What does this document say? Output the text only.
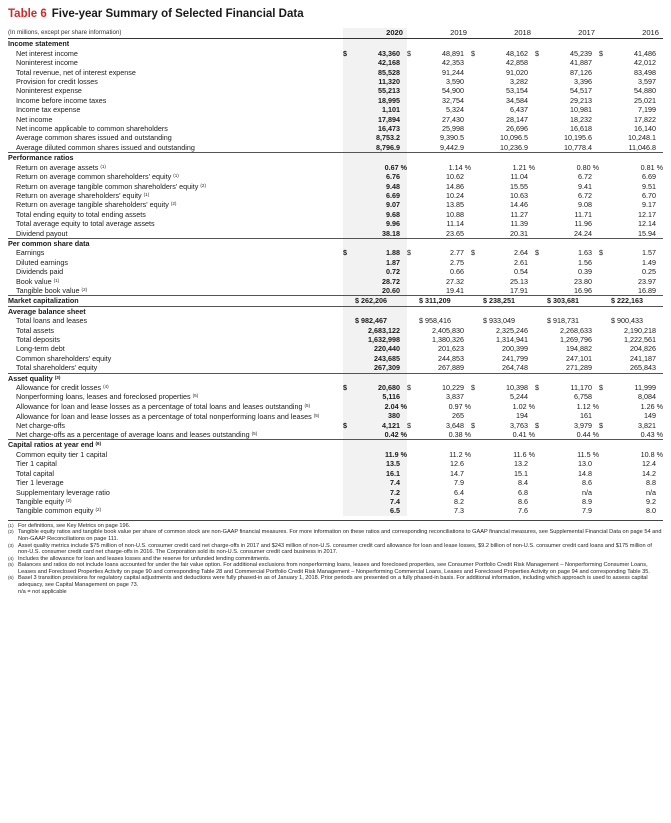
Table 6 Five-year Summary of Selected Financial Data
(In millions, except per share information)	2020		2019		2018		2017		2016	
Income statement										
Net interest income	$	43,360	$	48,891	$	48,162	$	45,239	$	41,486
Noninterest income		42,168		42,353		42,858		41,887		42,012
Total revenue, net of interest expense		85,528		91,244		91,020		87,126		83,498
Provision for credit losses		11,320		3,590		3,282		3,396		3,597
Noninterest expense		55,213		54,900		53,154		54,517		54,880
Income before income taxes		18,995		32,754		34,584		29,213		25,021
Income tax expense		1,101		5,324		6,437		10,981		7,199
Net income		17,894		27,430		28,147		18,232		17,822
Net income applicable to common shareholders		16,473		25,998		26,696		16,618		16,140
Average common shares issued and outstanding		8,753.2		9,390.5		10,096.5		10,195.6		10,248.1
Average diluted common shares issued and outstanding		8,796.9		9,442.9		10,236.9		10,778.4		11,046.8
Performance ratios										
Return on average assets $^{(1)}$		0.67 %		1.14 %		1.21 %		0.80 %		0.81 %
Return on average common shareholders' equity $^{(1)}$		6.76		10.62		11.04		6.72		6.69
Return on average tangible common shareholders' equity $^{(2)}$		9.48		14.86		15.55		9.41		9.51
Return on average shareholders' equity $^{(1)}$		6.69		10.24		10.63		6.72		6.70
Return on average tangible shareholders' equity $^{(2)}$		9.07		13.85		14.46		9.08		9.17
Total ending equity to total ending assets		9.68		10.88		11.27		11.71		12.17
Total average equity to total average assets		9.96		11.14		11.39		11.96		12.14
Dividend payout		38.18		23.65		20.31		24.24		15.94
Per common share data										
Earnings	$	1.88	$	2.77	$	2.64	$	1.63	$	1.57
Diluted earnings		1.87		2.75		2.61		1.56		1.49
Dividends paid		0.72		0.66		0.54		0.39		0.25
Book value $^{(1)}$		28.72		27.32		25.13		23.80		23.97
Tangible book value $^{(2)}$		20.60		19.41		17.91		16.96		16.89
Market capitalization		$ 262,206		$ 311,209		$ 238,251		$ 303,681		$ 222,163
Average balance sheet										
Total loans and leases		$ 982,467		$ 958,416		$ 933,049		$ 918,731		$ 900,433
Total assets		2,683,122		2,405,830		2,325,246		2,268,633		2,190,218
Total deposits		1,632,998		1,380,326		1,314,941		1,269,796		1,222,561
Long-term debt		220,440		201,623		200,399		194,882		204,826
Common shareholders' equity		243,685		244,853		241,799		247,101		241,187
Total shareholders' equity		267,309		267,889		264,748		271,289		265,843
Asset quality $^{(3)}$										
Allowance for credit losses $^{(4)}$	$	20,680	$	10,229	$	10,398	$	11,170	$	11,999
Nonperforming loans, leases and foreclosed properties $^{(5)}$		5,116		3,837		5,244		6,758		8,084
Allowance for loan and lease losses as a percentage of total loans and leases outstanding $^{(5)}$		2.04 %		0.97 %		1.02 %		1.12 %		1.26 %
Allowance for loan and lease losses as a percentage of total nonperforming loans and leases $^{(5)}$		380		265		194		161		149
Net charge-offs	$	4,121	$	3,648	$	3,763	$	3,979	$	3,821
Net charge-offs as a percentage of average loans and leases outstanding $^{(5)}$		0.42 %		0.38 %		0.41 %		0.44 %		0.43 %
Capital ratios at year end $^{(6)}$										
Common equity tier 1 capital		11.9 %		11.2 %		11.6 %		11.5 %		10.8 %
Tier 1 capital		13.5		12.6		13.2		13.0		12.4
Total capital		16.1		14.7		15.1		14.8		14.2
Tier 1 leverage		7.4		7.9		8.4		8.6		8.8
Supplementary leverage ratio		7.2		6.4		6.8		n/a		n/a
Tangible equity $^{(2)}$		7.4		8.2		8.6		8.9		9.2
Tangible common equity $^{(2)}$		6.5		7.3		7.6		7.9		8.0
(1) For definitions, see Key Metrics on page 196.
(2) Tangible equity ratios and tangible book value per share of common stock are non-GAAP financial measures. For more information on these ratios and corresponding reconciliations to GAAP financial measures, see Supplemental Financial Data on page 54 and Non-GAAP Reconciliations on page 111.
(3) Asset quality metrics include $75 million of non-U.S. consumer credit card net charge-offs in 2017 and $243 million of non-U.S. consumer credit card allowance for loan and lease losses, $9.2 billion of non-U.S. consumer credit card loans and $175 million of non-U.S. consumer credit card net charge-offs in 2016. The Corporation sold its non-U.S. consumer credit card business in 2017.
(4) Includes the allowance for loan and leases losses and the reserve for unfunded lending commitments.
(5) Balances and ratios do not include loans accounted for under the fair value option. For additional exclusions from nonperforming loans, leases and foreclosed properties, see Consumer Portfolio Credit Risk Management – Nonperforming Consumer Loans, Leases and Foreclosed Properties Activity on page 90 and corresponding Table 28 and Commercial Portfolio Credit Risk Management – Nonperforming Commercial Loans, Leases and Foreclosed Properties Activity on page 94 and corresponding Table 35.
(6) Basel 3 transition provisions for regulatory capital adjustments and deductions were fully phased-in as of January 1, 2018. Prior periods are presented on a fully phased-in basis. For additional information, including which approach is used to assess capital adequacy, see Capital Management on page 73.
n/a = not applicable
